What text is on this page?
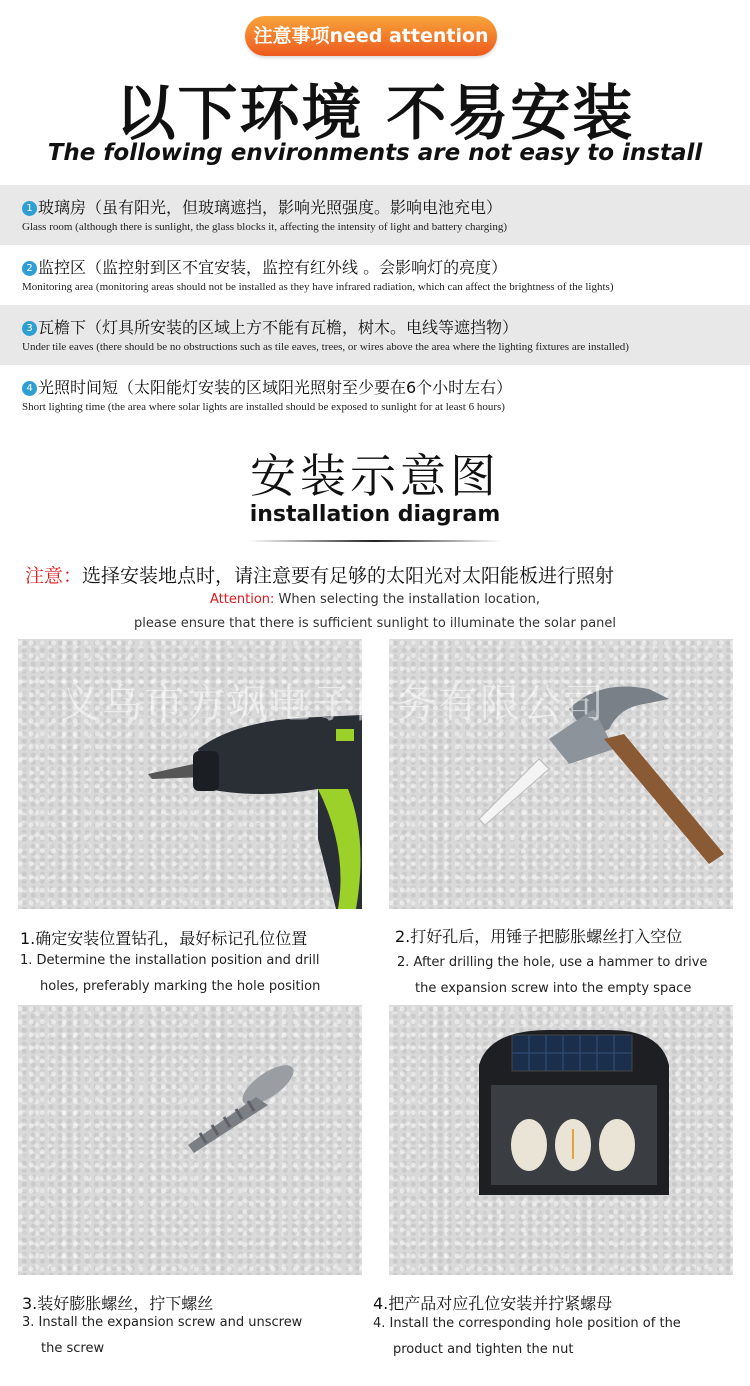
注意事项need attention
以下环境 不易安装
The following environments are not easy to install
1 玻璃房（虽有阳光，但玻璃遮挡，影响光照强度。影响电池充电）
Glass room (although there is sunlight, the glass blocks it, affecting the intensity of light and battery charging)
2 监控区（监控射到区不宜安装，监控有红外线 。会影响灯的亮度）
Monitoring area (monitoring areas should not be installed as they have infrared radiation, which can affect the brightness of the lights)
3 瓦檐下（灯具所安装的区域上方不能有瓦檐，树木。电线等遮挡物）
Under tile eaves (there should be no obstructions such as tile eaves, trees, or wires above the area where the lighting fixtures are installed)
4 光照时间短（太阳能灯安装的区域阳光照射至少要在6个小时左右）
Short lighting time (the area where solar lights are installed should be exposed to sunlight for at least 6 hours)
安装示意图
installation diagram
注意：选择安装地点时，请注意要有足够的太阳光对太阳能板进行照射
Attention: When selecting the installation location,
please ensure that there is sufficient sunlight to illuminate the solar panel
义乌市方飒电子商务有限公司
1.确定安装位置钻孔，最好标记孔位位置
1. Determine the installation position and drill
holes, preferably marking the hole position
2.打好孔后，用锤子把膨胀螺丝打入空位
2. After drilling the hole, use a hammer to drive
the expansion screw into the empty space
3.装好膨胀螺丝，拧下螺丝
3. Install the expansion screw and unscrew
the screw
4.把产品对应孔位安装并拧紧螺母
4. Install the corresponding hole position of the
product and tighten the nut
